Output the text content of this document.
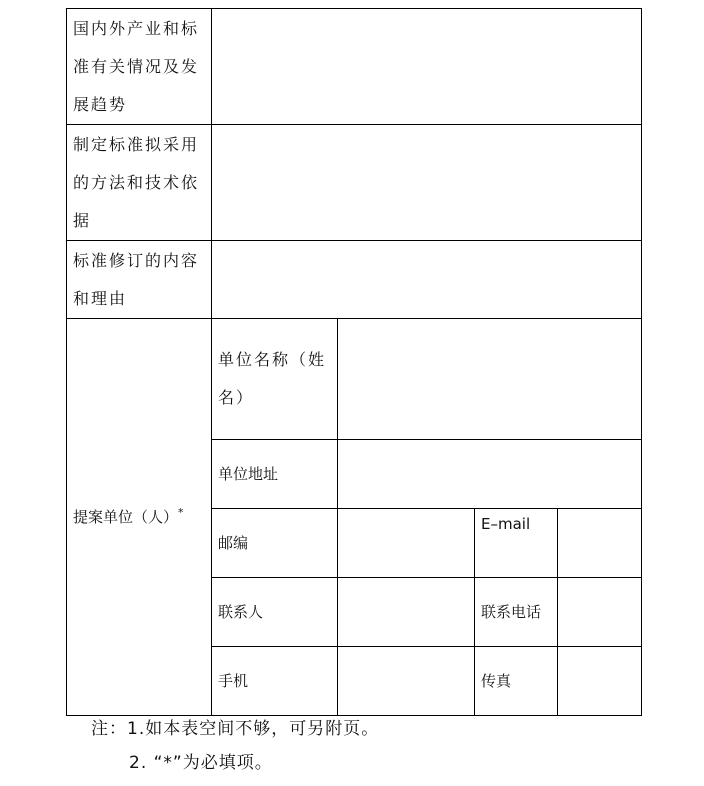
国内外产业和标准有关情况及发展趋势				
制定标准拟采用的方法和技术依据				
标准修订的内容和理由				
提案单位（人）*	单位名称（姓名）			
	单位地址			
	邮编		E–mail	
	联系人		联系电话	
	手机		传真	
注：1.如本表空间不够，可另附页。
2. “*”为必填项。
